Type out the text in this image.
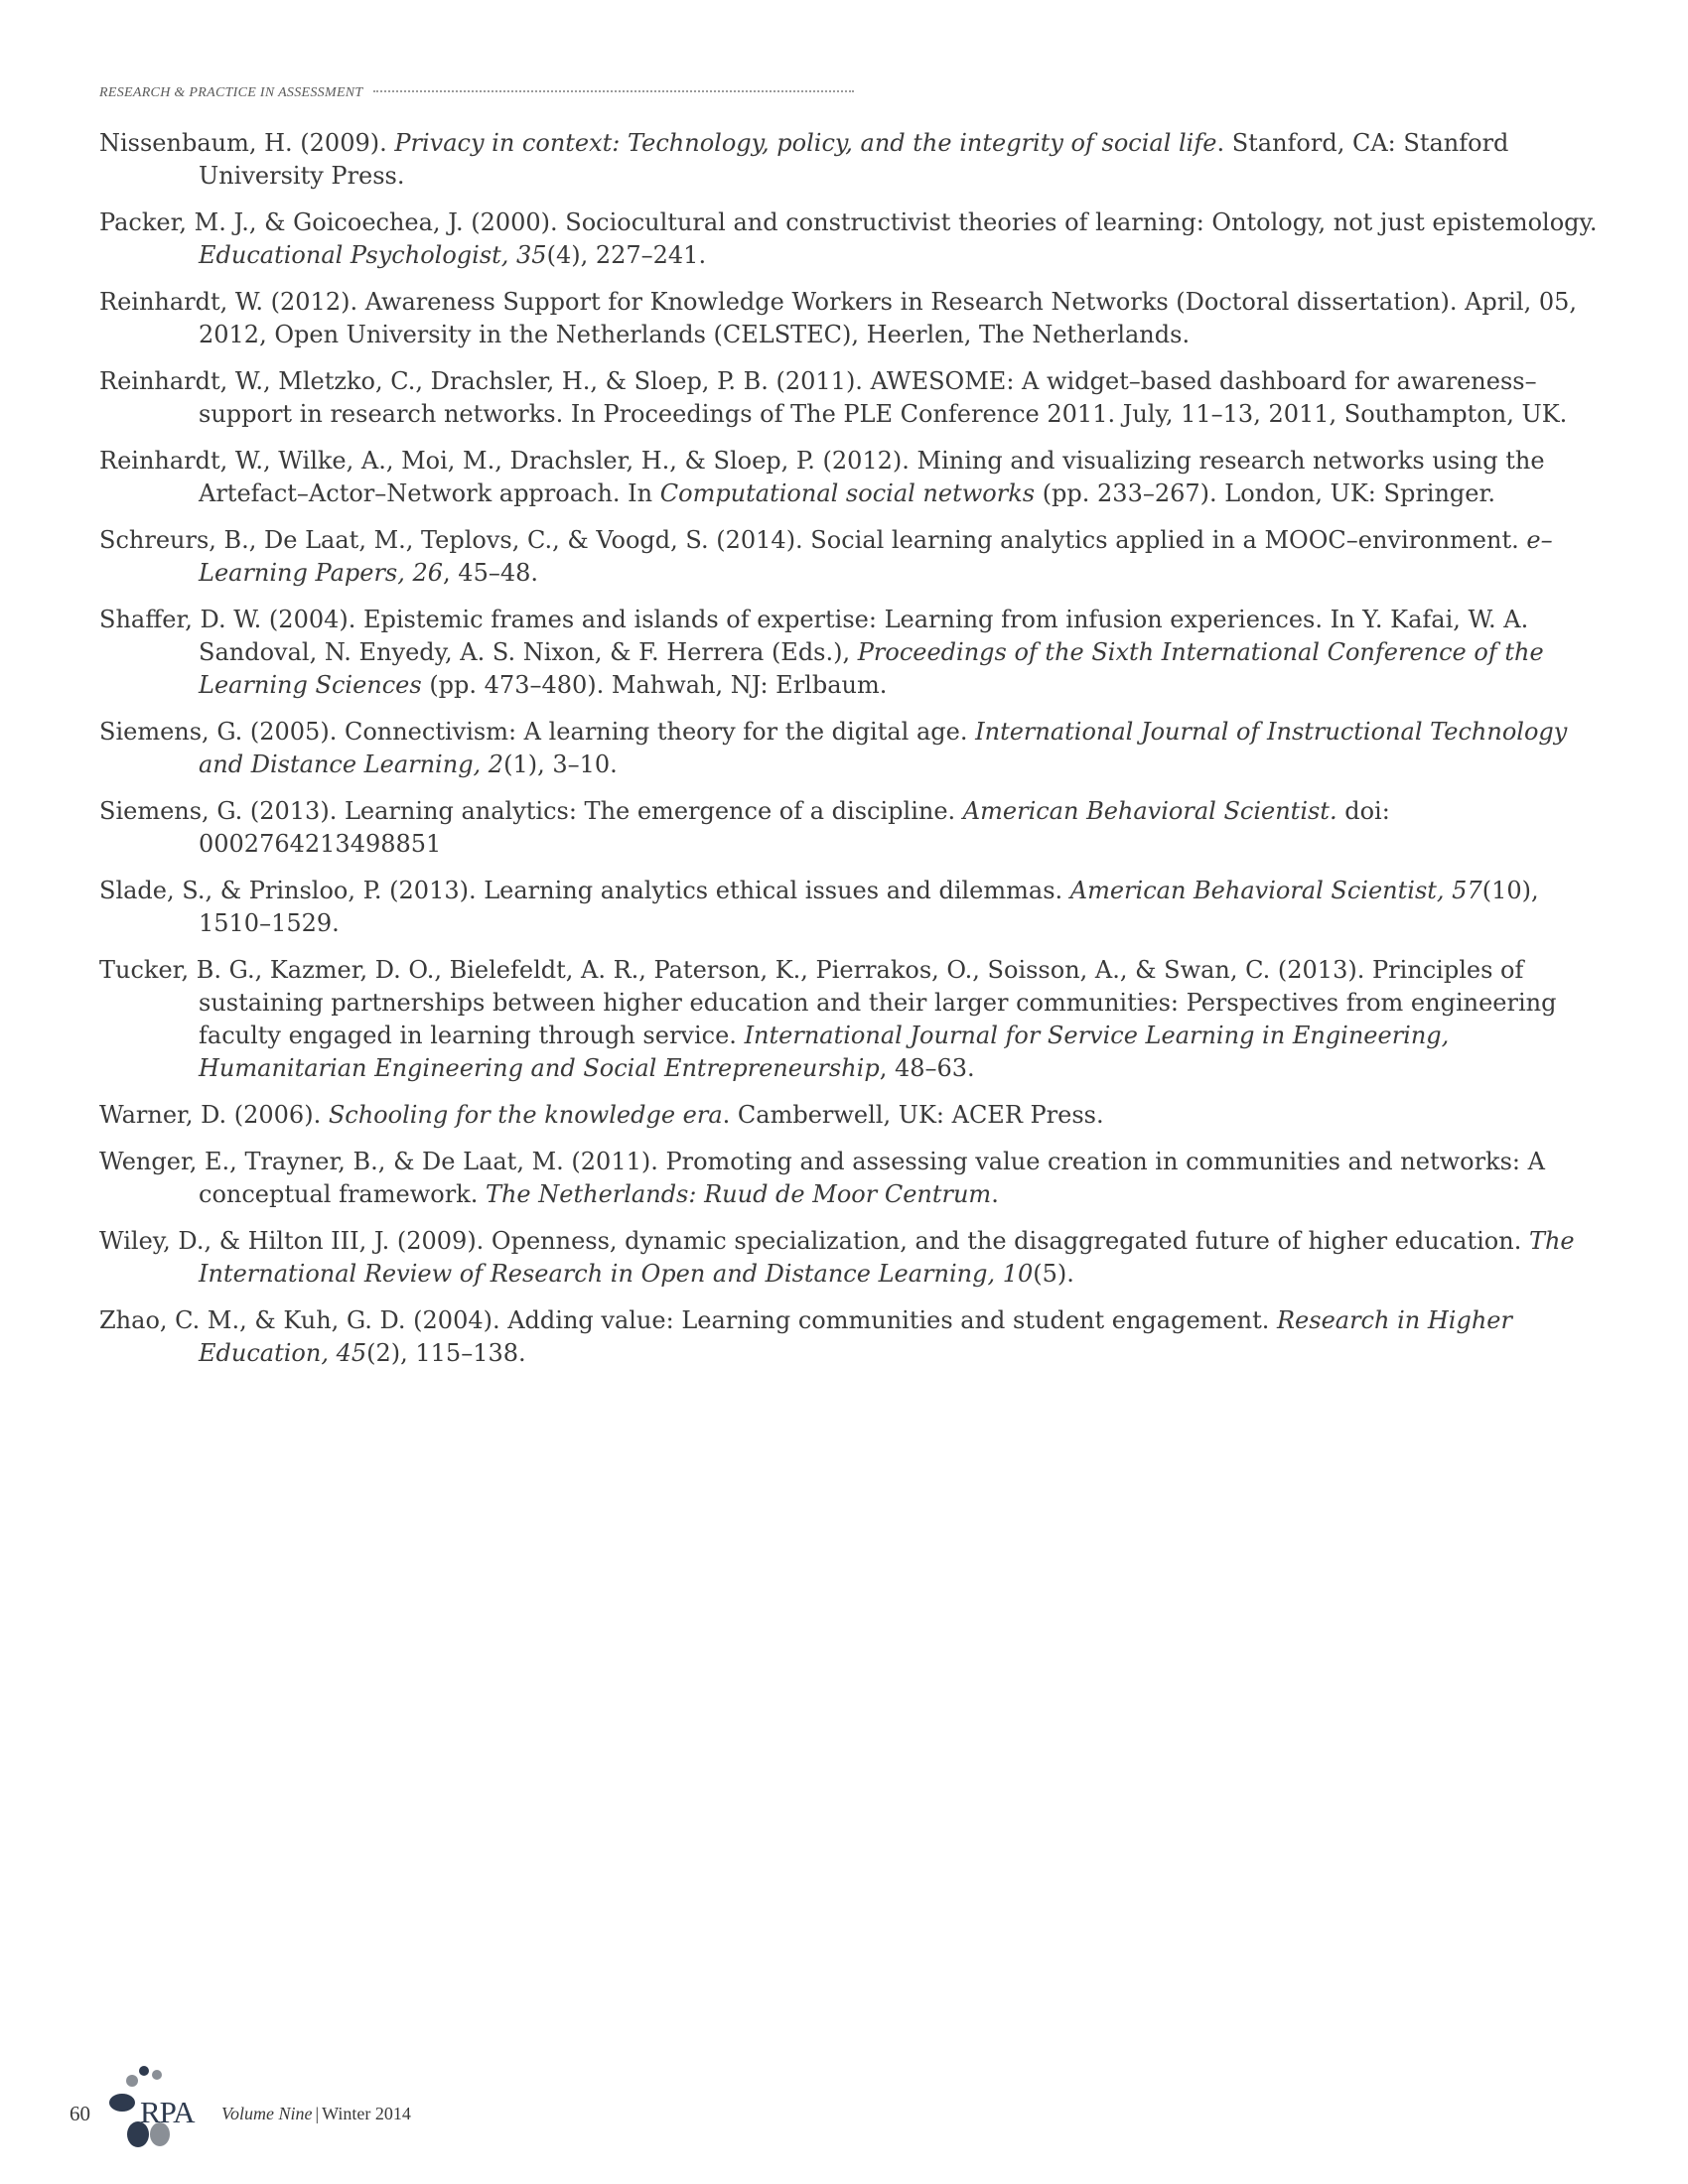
RESEARCH & PRACTICE IN ASSESSMENT
Nissenbaum, H. (2009). Privacy in context: Technology, policy, and the integrity of social life. Stanford, CA: Stanford University Press.
Packer, M. J., & Goicoechea, J. (2000). Sociocultural and constructivist theories of learning: Ontology, not just epistemology. Educational Psychologist, 35(4), 227–241.
Reinhardt, W. (2012). Awareness Support for Knowledge Workers in Research Networks (Doctoral dissertation). April, 05, 2012, Open University in the Netherlands (CELSTEC), Heerlen, The Netherlands.
Reinhardt, W., Mletzko, C., Drachsler, H., & Sloep, P. B. (2011). AWESOME: A widget–based dashboard for awareness–support in research networks. In Proceedings of The PLE Conference 2011. July, 11–13, 2011, Southampton, UK.
Reinhardt, W., Wilke, A., Moi, M., Drachsler, H., & Sloep, P. (2012). Mining and visualizing research networks using the Artefact–Actor–Network approach. In Computational social networks (pp. 233–267). London, UK: Springer.
Schreurs, B., De Laat, M., Teplovs, C., & Voogd, S. (2014). Social learning analytics applied in a MOOC–environment. e–Learning Papers, 26, 45–48.
Shaffer, D. W. (2004). Epistemic frames and islands of expertise: Learning from infusion experiences. In Y. Kafai, W. A. Sandoval, N. Enyedy, A. S. Nixon, & F. Herrera (Eds.), Proceedings of the Sixth International Conference of the Learning Sciences (pp. 473–480). Mahwah, NJ: Erlbaum.
Siemens, G. (2005). Connectivism: A learning theory for the digital age. International Journal of Instructional Technology and Distance Learning, 2(1), 3–10.
Siemens, G. (2013). Learning analytics: The emergence of a discipline. American Behavioral Scientist. doi: 0002764213498851
Slade, S., & Prinsloo, P. (2013). Learning analytics ethical issues and dilemmas. American Behavioral Scientist, 57(10), 1510–1529.
Tucker, B. G., Kazmer, D. O., Bielefeldt, A. R., Paterson, K., Pierrakos, O., Soisson, A., & Swan, C. (2013). Principles of sustaining partnerships between higher education and their larger communities: Perspectives from engineering faculty engaged in learning through service. International Journal for Service Learning in Engineering, Humanitarian Engineering and Social Entrepreneurship, 48–63.
Warner, D. (2006). Schooling for the knowledge era. Camberwell, UK: ACER Press.
Wenger, E., Trayner, B., & De Laat, M. (2011). Promoting and assessing value creation in communities and networks: A conceptual framework. The Netherlands: Ruud de Moor Centrum.
Wiley, D., & Hilton III, J. (2009). Openness, dynamic specialization, and the disaggregated future of higher education. The International Review of Research in Open and Distance Learning, 10(5).
Zhao, C. M., & Kuh, G. D. (2004). Adding value: Learning communities and student engagement. Research in Higher Education, 45(2), 115–138.
60 RPA Volume Nine | Winter 2014
